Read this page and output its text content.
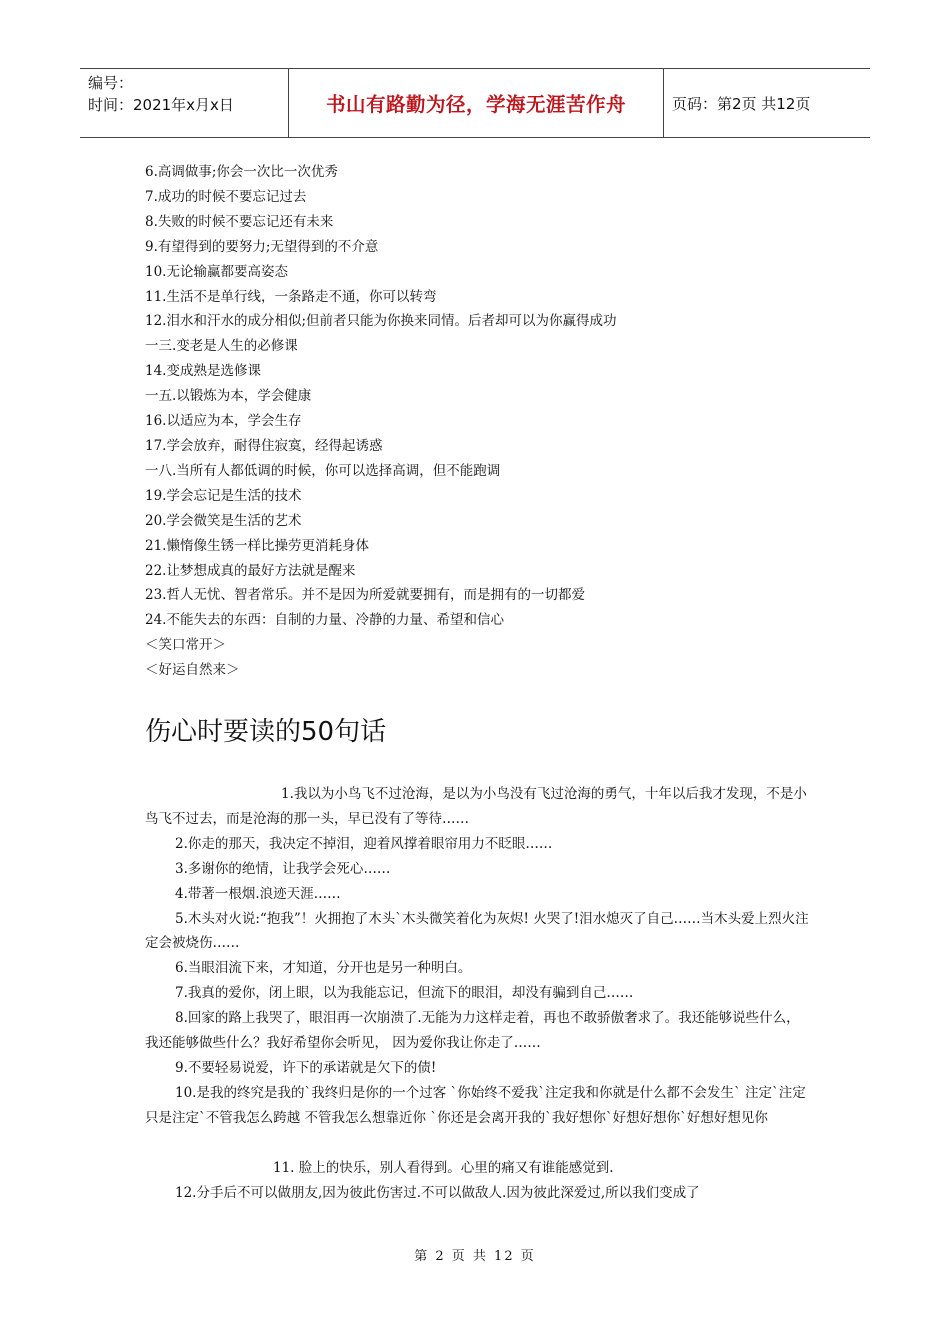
编号：
时间：2021年x月x日	书山有路勤为径，学海无涯苦作舟	页码：第2页 共12页
6.高调做事;你会一次比一次优秀
7.成功的时候不要忘记过去
8.失败的时候不要忘记还有未来
9.有望得到的要努力;无望得到的不介意
10.无论输赢都要高姿态
11.生活不是单行线，一条路走不通，你可以转弯
12.泪水和汗水的成分相似;但前者只能为你换来同情。后者却可以为你赢得成功
一三.变老是人生的必修课
14.变成熟是选修课
一五.以锻炼为本，学会健康
16.以适应为本，学会生存
17.学会放弃，耐得住寂寞，经得起诱惑
一八.当所有人都低调的时候，你可以选择高调，但不能跑调
19.学会忘记是生活的技术
20.学会微笑是生活的艺术
21.懒惰像生锈一样比操劳更消耗身体
22.让梦想成真的最好方法就是醒来
23.哲人无忧、智者常乐。并不是因为所爱就要拥有，而是拥有的一切都爱
24.不能失去的东西：自制的力量、冷静的力量、希望和信心
＜笑口常开＞
＜好运自然来＞
伤心时要读的50句话

1.我以为小鸟飞不过沧海，是以为小鸟没有飞过沧海的勇气，十年以后我才发现，不是小鸟飞不过去，而是沧海的那一头，早已没有了等待……

2.你走的那天，我决定不掉泪，迎着风撑着眼帘用力不眨眼……

3.多谢你的绝情，让我学会死心……

4.带著一根烟.浪迹天涯……

5.木头对火说:“抱我”！火拥抱了木头`木头微笑着化为灰烬! 火哭了!泪水熄灭了自己……当木头爱上烈火注定会被烧伤……

6.当眼泪流下来，才知道，分开也是另一种明白。

7.我真的爱你，闭上眼，以为我能忘记，但流下的眼泪，却没有骗到自己……

8.回家的路上我哭了，眼泪再一次崩溃了.无能为力这样走着，再也不敢骄傲奢求了。我还能够说些什么，我还能够做些什么？我好希望你会听见， 因为爱你我让你走了……

9.不要轻易说爱，许下的承诺就是欠下的债!

10.是我的终究是我的`我终归是你的一个过客 `你始终不爱我`注定我和你就是什么都不会发生` 注定`注定只是注定`不管我怎么跨越 不管我怎么想靠近你 `你还是会离开我的`我好想你`好想好想你`好想好想见你

11. 脸上的快乐，别人看得到。心里的痛又有谁能感觉到.

12.分手后不可以做朋友,因为彼此伤害过.不可以做敌人.因为彼此深爱过,所以我们变成了

第 2 页 共 12 页
